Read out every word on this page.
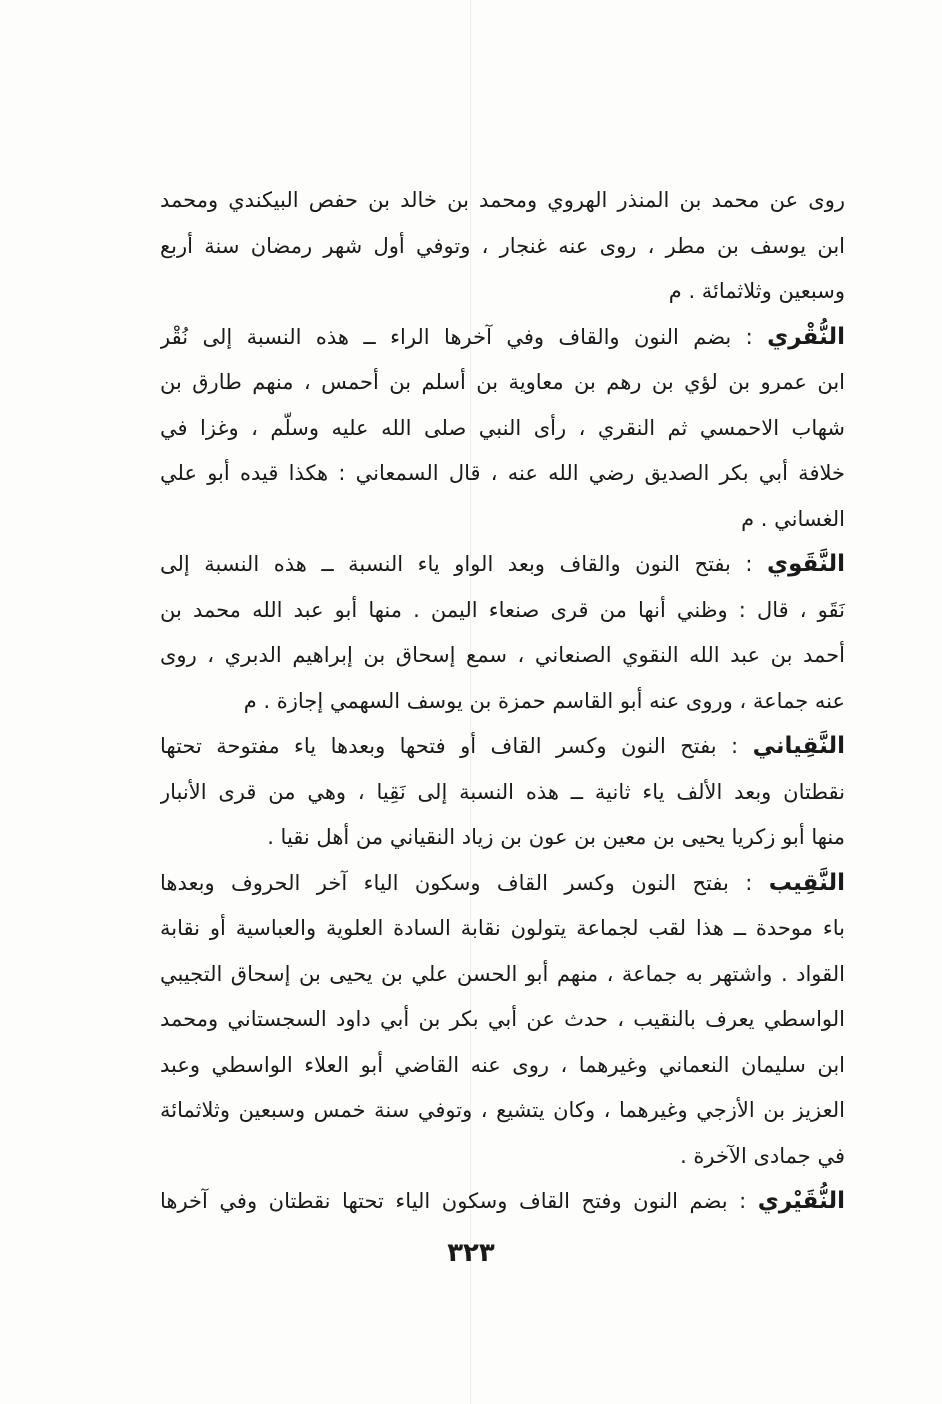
روى عن محمد بن المنذر الهروي ومحمد بن خالد بن حفص البيكندي ومحمد
ابن يوسف بن مطر ، روى عنه غنجار ، وتوفي أول شهر رمضان سنة أربع
وسبعين وثلاثمائة . م
النُّقْري : بضم النون والقاف وفي آخرها الراء ــ هذه النسبة إلى نُقْر
ابن عمرو بن لؤي بن رهم بن معاوية بن أسلم بن أحمس ، منهم طارق بن
شهاب الاحمسي ثم النقري ، رأى النبي صلى الله عليه وسلّم ، وغزا في
خلافة أبي بكر الصديق رضي الله عنه ، قال السمعاني : هكذا قيده أبو علي
الغساني . م
النَّقَوي : بفتح النون والقاف وبعد الواو ياء النسبة ــ هذه النسبة إلى
نَقَو ، قال : وظني أنها من قرى صنعاء اليمن . منها أبو عبد الله محمد بن
أحمد بن عبد الله النقوي الصنعاني ، سمع إسحاق بن إبراهيم الدبري ، روى
عنه جماعة ، وروى عنه أبو القاسم حمزة بن يوسف السهمي إجازة . م
النَّقِياني : بفتح النون وكسر القاف أو فتحها وبعدها ياء مفتوحة تحتها
نقطتان وبعد الألف ياء ثانية ــ هذه النسبة إلى نَقِيا ، وهي من قرى الأنبار
منها أبو زكريا يحيى بن معين بن عون بن زياد النقياني من أهل نقيا .
النَّقِيب : بفتح النون وكسر القاف وسكون الياء آخر الحروف وبعدها
باء موحدة ــ هذا لقب لجماعة يتولون نقابة السادة العلوية والعباسية أو نقابة
القواد . واشتهر به جماعة ، منهم أبو الحسن علي بن يحيى بن إسحاق التجيبي
الواسطي يعرف بالنقيب ، حدث عن أبي بكر بن أبي داود السجستاني ومحمد
ابن سليمان النعماني وغيرهما ، روى عنه القاضي أبو العلاء الواسطي وعبد
العزيز بن الأزجي وغيرهما ، وكان يتشيع ، وتوفي سنة خمس وسبعين وثلاثمائة
في جمادى الآخرة .
النُّقَيْري : بضم النون وفتح القاف وسكون الياء تحتها نقطتان وفي آخرها
٣٢٣
